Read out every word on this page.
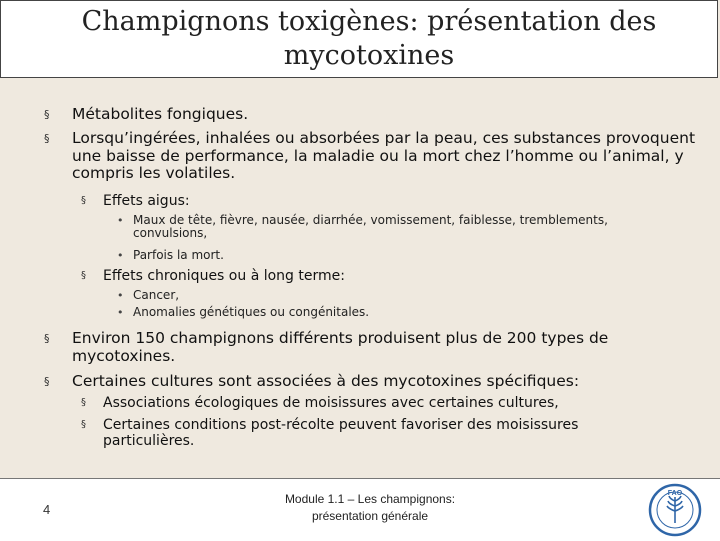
Champignons toxigènes: présentation des mycotoxines
§ Métabolites fongiques.
§ Lorsqu’ingérées, inhalées ou absorbées par la peau, ces substances provoquent une baisse de performance, la maladie ou la mort chez l’homme ou l’animal, y compris les volatiles.
§ Effets aigus:
• Maux de tête, fièvre, nausée, diarrhée, vomissement, faiblesse, tremblements, convulsions,
• Parfois la mort.
§ Effets chroniques ou à long terme:
• Cancer,
• Anomalies génétiques ou congénitales.
§ Environ 150 champignons différents produisent plus de 200 types de mycotoxines.
§ Certaines cultures sont associées à des mycotoxines spécifiques:
§ Associations écologiques de moisissures avec certaines cultures,
§ Certaines conditions post-récolte peuvent favoriser des moisissures particulières.
4
Module 1.1 – Les champignons:
présentation générale
FAO
